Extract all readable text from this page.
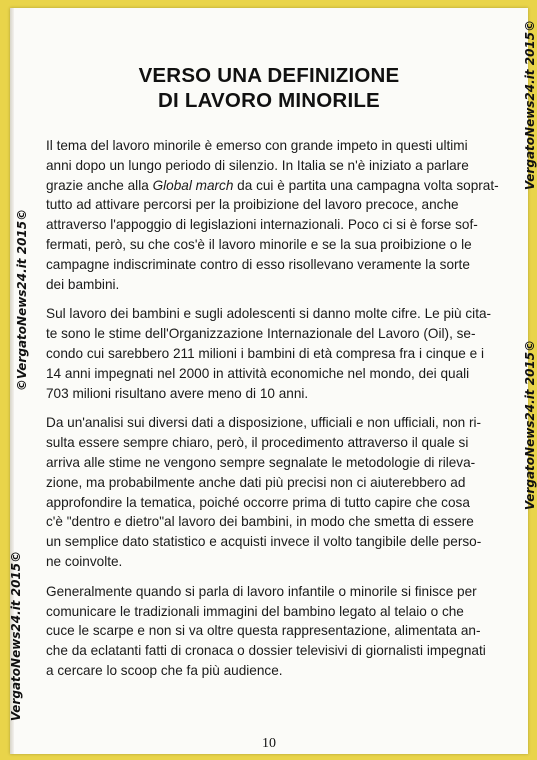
VERSO UNA DEFINIZIONE
DI LAVORO MINORILE
Il tema del lavoro minorile è emerso con grande impeto in questi ultimi
anni dopo un lungo periodo di silenzio. In Italia se n'è iniziato a parlare
grazie anche alla Global march da cui è partita una campagna volta soprat-
tutto ad attivare percorsi per la proibizione del lavoro precoce, anche
attraverso l'appoggio di legislazioni internazionali. Poco ci si è forse sof-
fermati, però, su che cos'è il lavoro minorile e se la sua proibizione o le
campagne indiscriminate contro di esso risollevano veramente la sorte
dei bambini.
Sul lavoro dei bambini e sugli adolescenti si danno molte cifre. Le più cita-
te sono le stime dell'Organizzazione Internazionale del Lavoro (Oil), se-
condo cui sarebbero 211 milioni i bambini di età compresa fra i cinque e i
14 anni impegnati nel 2000 in attività economiche nel mondo, dei quali
703 milioni risultano avere meno di 10 anni.
Da un'analisi sui diversi dati a disposizione, ufficiali e non ufficiali, non ri-
sulta essere sempre chiaro, però, il procedimento attraverso il quale si
arriva alle stime ne vengono sempre segnalate le metodologie di rileva-
zione, ma probabilmente anche dati più precisi non ci aiuterebbero ad
approfondire la tematica, poiché occorre prima di tutto capire che cosa
c'è "dentro e dietro"al lavoro dei bambini, in modo che smetta di essere
un semplice dato statistico e acquisti invece il volto tangibile delle perso-
ne coinvolte.
Generalmente quando si parla di lavoro infantile o minorile si finisce per
comunicare le tradizionali immagini del bambino legato al telaio o che
cuce le scarpe e non si va oltre questa rappresentazione, alimentata an-
che da eclatanti fatti di cronaca o dossier televisivi di giornalisti impegnati
a cercare lo scoop che fa più audience.
©VergatoNews24.it 2015©
VergatoNews24.it 2015©
VergatoNews24.it 2015©
VergatoNews24.it 2015©
10
